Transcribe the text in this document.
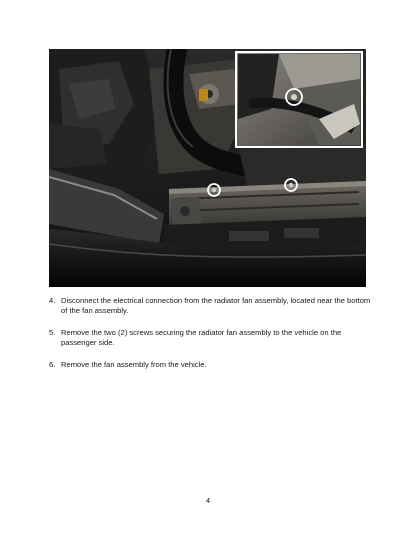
4. Disconnect the electrical connection from the radiator fan assembly, located near the bottom of the fan assembly.
5. Remove the two (2) screws securing the radiator fan assembly to the vehicle on the passenger side.
6. Remove the fan assembly from the vehicle.
4
